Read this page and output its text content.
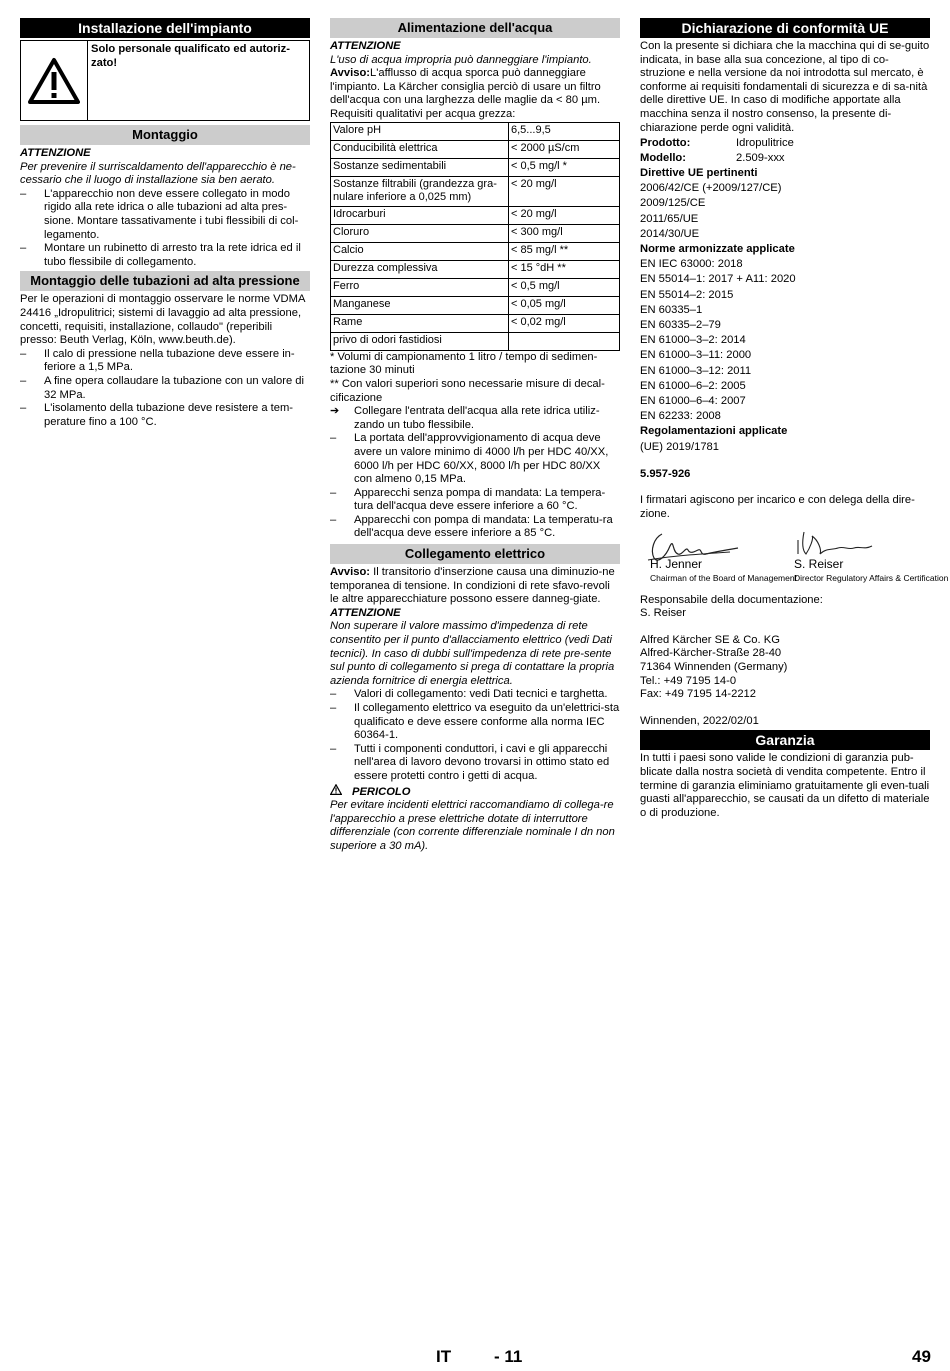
Installazione dell'impianto
Solo personale qualificato ed autoriz-zato!
Montaggio

ATTENZIONE

Per prevenire il surriscaldamento dell'apparecchio è ne-cessario che il luogo di installazione sia ben aerato.

– L'apparecchio non deve essere collegato in modo rigido alla rete idrica o alle tubazioni ad alta pres-sione. Montare tassativamente i tubi flessibili di col-legamento.
– Montare un rubinetto di arresto tra la rete idrica ed il tubo flessibile di collegamento.
Montaggio delle tubazioni ad alta pressione

Per le operazioni di montaggio osservare le norme VDMA 24416 „Idropulitrici; sistemi di lavaggio ad alta pressione, concetti, requisiti, installazione, collaudo" (reperibili presso: Beuth Verlag, Köln, www.beuth.de).

– Il calo di pressione nella tubazione deve essere in-feriore a 1,5 MPa.
– A fine opera collaudare la tubazione con un valore di 32 MPa.
– L'isolamento della tubazione deve resistere a tem-perature fino a 100 °C.
Alimentazione dell'acqua

ATTENZIONE

L'uso di acqua impropria può danneggiare l'impianto.

Avviso:L'afflusso di acqua sporca può danneggiare l'impianto. La Kärcher consiglia perciò di usare un filtro dell'acqua con una larghezza delle maglie da < 80 µm.

Requisiti qualitativi per acqua grezza:

Valore pH	6,5...9,5
Conducibilità elettrica	< 2000 µS/cm
Sostanze sedimentabili	< 0,5 mg/l *
Sostanze filtrabili (grandezza gra-nulare inferiore a 0,025 mm)	< 20 mg/l
Idrocarburi	< 20 mg/l
Cloruro	< 300 mg/l
Calcio	< 85 mg/l **
Durezza complessiva	< 15 °dH **
Ferro	< 0,5 mg/l
Manganese	< 0,05 mg/l
Rame	< 0,02 mg/l
privo di odori fastidiosi	

* Volumi di campionamento 1 litro / tempo di sedimen-tazione 30 minuti

** Con valori superiori sono necessarie misure di decal-cificazione

➔ Collegare l'entrata dell'acqua alla rete idrica utiliz-zando un tubo flessibile.
– La portata dell'approvvigionamento di acqua deve avere un valore minimo di 4000 l/h per HDC 40/XX, 6000 l/h per HDC 60/XX, 8000 l/h per HDC 80/XX con almeno 0,15 MPa.
– Apparecchi senza pompa di mandata: La tempera-tura dell'acqua deve essere inferiore a 60 °C.
– Apparecchi con pompa di mandata: La temperatu-ra dell'acqua deve essere inferiore a 85 °C.
Collegamento elettrico

Avviso: Il transitorio d'inserzione causa una diminuzio-ne temporanea di tensione. In condizioni di rete sfavo-revoli le altre apparecchiature possono essere danneg-giate.

ATTENZIONE

Non superare il valore massimo d'impedenza di rete consentito per il punto d'allacciamento elettrico (vedi Dati tecnici). In caso di dubbi sull'impedenza di rete pre-sente sul punto di collegamento si prega di contattare la propria azienda fornitrice di energia elettrica.

– Valori di collegamento: vedi Dati tecnici e targhetta.
– Il collegamento elettrico va eseguito da un'elettrici-sta qualificato e deve essere conforme alla norma IEC 60364-1.
– Tutti i componenti conduttori, i cavi e gli apparecchi nell'area di lavoro devono trovarsi in ottimo stato ed essere protetti contro i getti di acqua.

PERICOLO

Per evitare incidenti elettrici raccomandiamo di collega-re l'apparecchio a prese elettriche dotate di interruttore differenziale (con corrente differenziale nominale I dn non superiore a 30 mA).

Dichiarazione di conformità UE

Con la presente si dichiara che la macchina qui di se-guito indicata, in base alla sua concezione, al tipo di co-struzione e nella versione da noi introdotta sul mercato, è conforme ai requisiti fondamentali di sicurezza e di sa-nità delle direttive UE. In caso di modifiche apportate alla macchina senza il nostro consenso, la presente di-chiarazione perde ogni validità.

Prodotto:	Idropulitrice
Modello:	2.509-xxx

Direttive UE pertinenti

2006/42/CE (+2009/127/CE)

2009/125/CE

2011/65/UE

2014/30/UE

Norme armonizzate applicate

EN IEC 63000: 2018

EN 55014–1: 2017 + A11: 2020

EN 55014–2: 2015

EN 60335–1

EN 60335–2–79

EN 61000–3–2: 2014

EN 61000–3–11: 2000

EN 61000–3–12: 2011

EN 61000–6–2: 2005

EN 61000–6–4: 2007

EN 62233: 2008

Regolamentazioni applicate

(UE) 2019/1781

5.957-926

I firmatari agiscono per incarico e con delega della dire-zione.

H. Jenner
Chairman of the Board of Management
S. Reiser
Director Regulatory Affairs & Certification

Responsabile della documentazione:

S. Reiser

Alfred Kärcher SE & Co. KG

Alfred-Kärcher-Straße 28-40

71364 Winnenden (Germany)

Tel.: +49 7195 14-0

Fax: +49 7195 14-2212

Winnenden, 2022/02/01

Garanzia

In tutti i paesi sono valide le condizioni di garanzia pub-blicate dalla nostra società di vendita competente. Entro il termine di garanzia eliminiamo gratuitamente gli even-tuali guasti all'apparecchio, se causati da un difetto di materiale o di produzione.

IT	- 11	49
